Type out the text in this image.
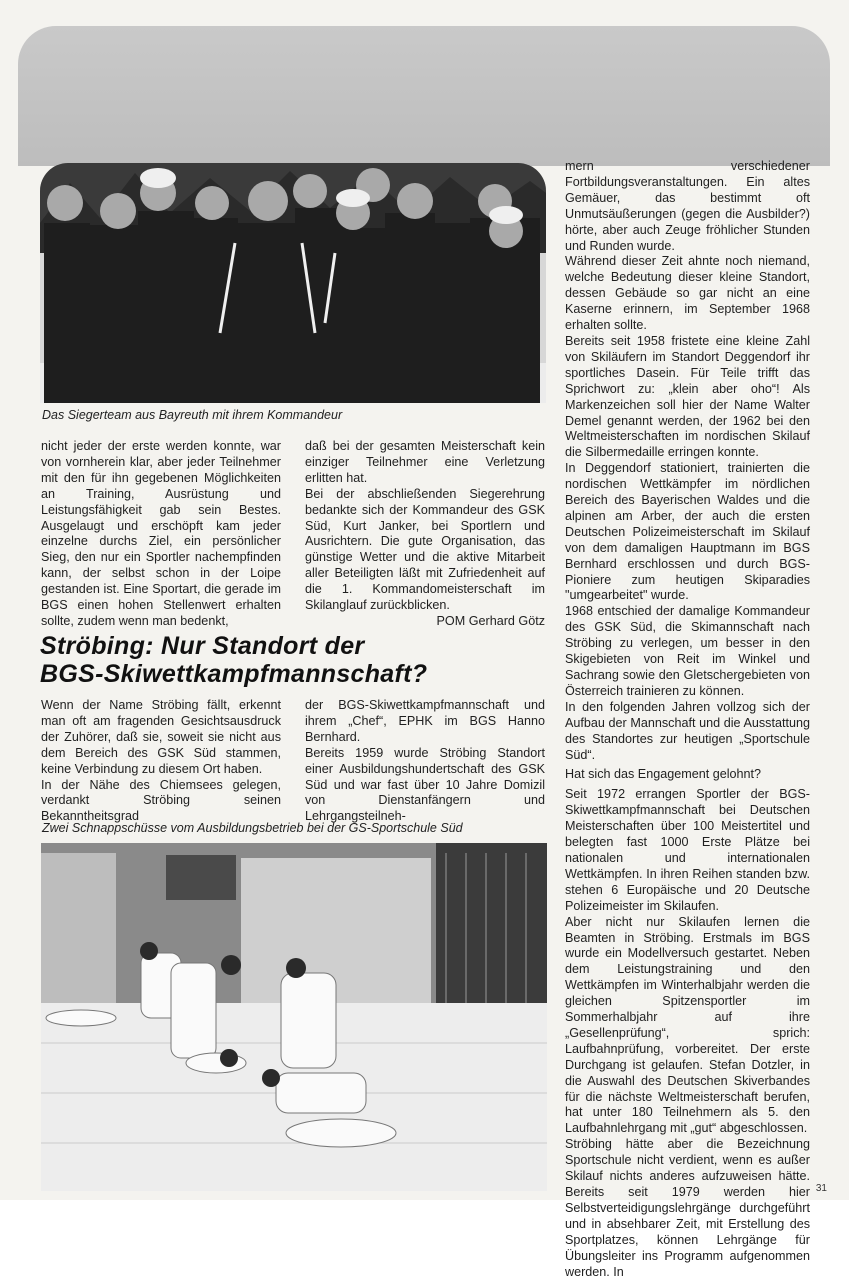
Das Siegerteam aus Bayreuth mit ihrem Kommandeur

nicht jeder der erste werden konnte, war von vornherein klar, aber jeder Teilnehmer mit den für ihn gegebenen Möglichkeiten an Training, Ausrüstung und Leistungsfähigkeit gab sein Bestes. Ausgelaugt und erschöpft kam jeder einzelne durchs Ziel, ein persönlicher Sieg, den nur ein Sportler nachempfinden kann, der selbst schon in der Loipe gestanden ist. Eine Sportart, die gerade im BGS einen hohen Stellenwert erhalten sollte, zudem wenn man bedenkt,

daß bei der gesamten Meisterschaft kein einziger Teilnehmer eine Verletzung erlitten hat.

Bei der abschließenden Siegerehrung bedankte sich der Kommandeur des GSK Süd, Kurt Janker, bei Sportlern und Ausrichtern. Die gute Organisation, das günstige Wetter und die aktive Mitarbeit aller Beteiligten läßt mit Zufriedenheit auf die 1. Kommandomeisterschaft im Skilanglauf zurückblicken.

POM Gerhard Götz

Ströbing: Nur Standort der
BGS-Skiwettkampfmannschaft?

Wenn der Name Ströbing fällt, erkennt man oft am fragenden Gesichtsausdruck der Zuhörer, daß sie, soweit sie nicht aus dem Bereich des GSK Süd stammen, keine Verbindung zu diesem Ort haben.

In der Nähe des Chiemsees gelegen, verdankt Ströbing seinen Bekanntheitsgrad

der BGS-Skiwettkampfmannschaft und ihrem „Chef“, EPHK im BGS Hanno Bernhard.

Bereits 1959 wurde Ströbing Standort einer Ausbildungshundertschaft des GSK Süd und war fast über 10 Jahre Domizil von Dienstanfängern und Lehrgangsteilneh-

Zwei Schnappschüsse vom Ausbildungsbetrieb bei der GS-Sportschule Süd

mern verschiedener Fortbildungsveranstaltungen. Ein altes Gemäuer, das bestimmt oft Unmutsäußerungen (gegen die Ausbilder?) hörte, aber auch Zeuge fröhlicher Stunden und Runden wurde.

Während dieser Zeit ahnte noch niemand, welche Bedeutung dieser kleine Standort, dessen Gebäude so gar nicht an eine Kaserne erinnern, im September 1968 erhalten sollte.

Bereits seit 1958 fristete eine kleine Zahl von Skiläufern im Standort Deggendorf ihr sportliches Dasein. Für Teile trifft das Sprichwort zu: „klein aber oho“! Als Markenzeichen soll hier der Name Walter Demel genannt werden, der 1962 bei den Weltmeisterschaften im nordischen Skilauf die Silbermedaille erringen konnte.

In Deggendorf stationiert, trainierten die nordischen Wettkämpfer im nördlichen Bereich des Bayerischen Waldes und die alpinen am Arber, der auch die ersten Deutschen Polizeimeisterschaft im Skilauf von dem damaligen Hauptmann im BGS Bernhard erschlossen und durch BGS-Pioniere zum heutigen Skiparadies "umgearbeitet" wurde.

1968 entschied der damalige Kommandeur des GSK Süd, die Skimannschaft nach Ströbing zu verlegen, um besser in den Skigebieten von Reit im Winkel und Sachrang sowie den Gletschergebieten von Österreich trainieren zu können.

In den folgenden Jahren vollzog sich der Aufbau der Mannschaft und die Ausstattung des Standortes zur heutigen „Sportschule Süd“.

Hat sich das Engagement gelohnt?

Seit 1972 errangen Sportler der BGS-Skiwettkampfmannschaft bei Deutschen Meisterschaften über 100 Meistertitel und belegten fast 1000 Erste Plätze bei nationalen und internationalen Wettkämpfen. In ihren Reihen standen bzw. stehen 6 Europäische und 20 Deutsche Polizeimeister im Skilaufen.

Aber nicht nur Skilaufen lernen die Beamten in Ströbing. Erstmals im BGS wurde ein Modellversuch gestartet. Neben dem Leistungstraining und den Wettkämpfen im Winterhalbjahr werden die gleichen Spitzensportler im Sommerhalbjahr auf ihre „Gesellenprüfung“, sprich: Laufbahnprüfung, vorbereitet. Der erste Durchgang ist gelaufen. Stefan Dotzler, in die Auswahl des Deutschen Skiverbandes für die nächste Weltmeisterschaft berufen, hat unter 180 Teilnehmern als 5. den Laufbahnlehrgang mit „gut“ abgeschlossen.

Ströbing hätte aber die Bezeichnung Sportschule nicht verdient, wenn es außer Skilauf nichts anderes aufzuweisen hätte. Bereits seit 1979 werden hier Selbstverteidigungslehrgänge durchgeführt und in absehbarer Zeit, mit Erstellung des Sportplatzes, können Lehrgänge für Übungsleiter ins Programm aufgenommen werden. In

31
